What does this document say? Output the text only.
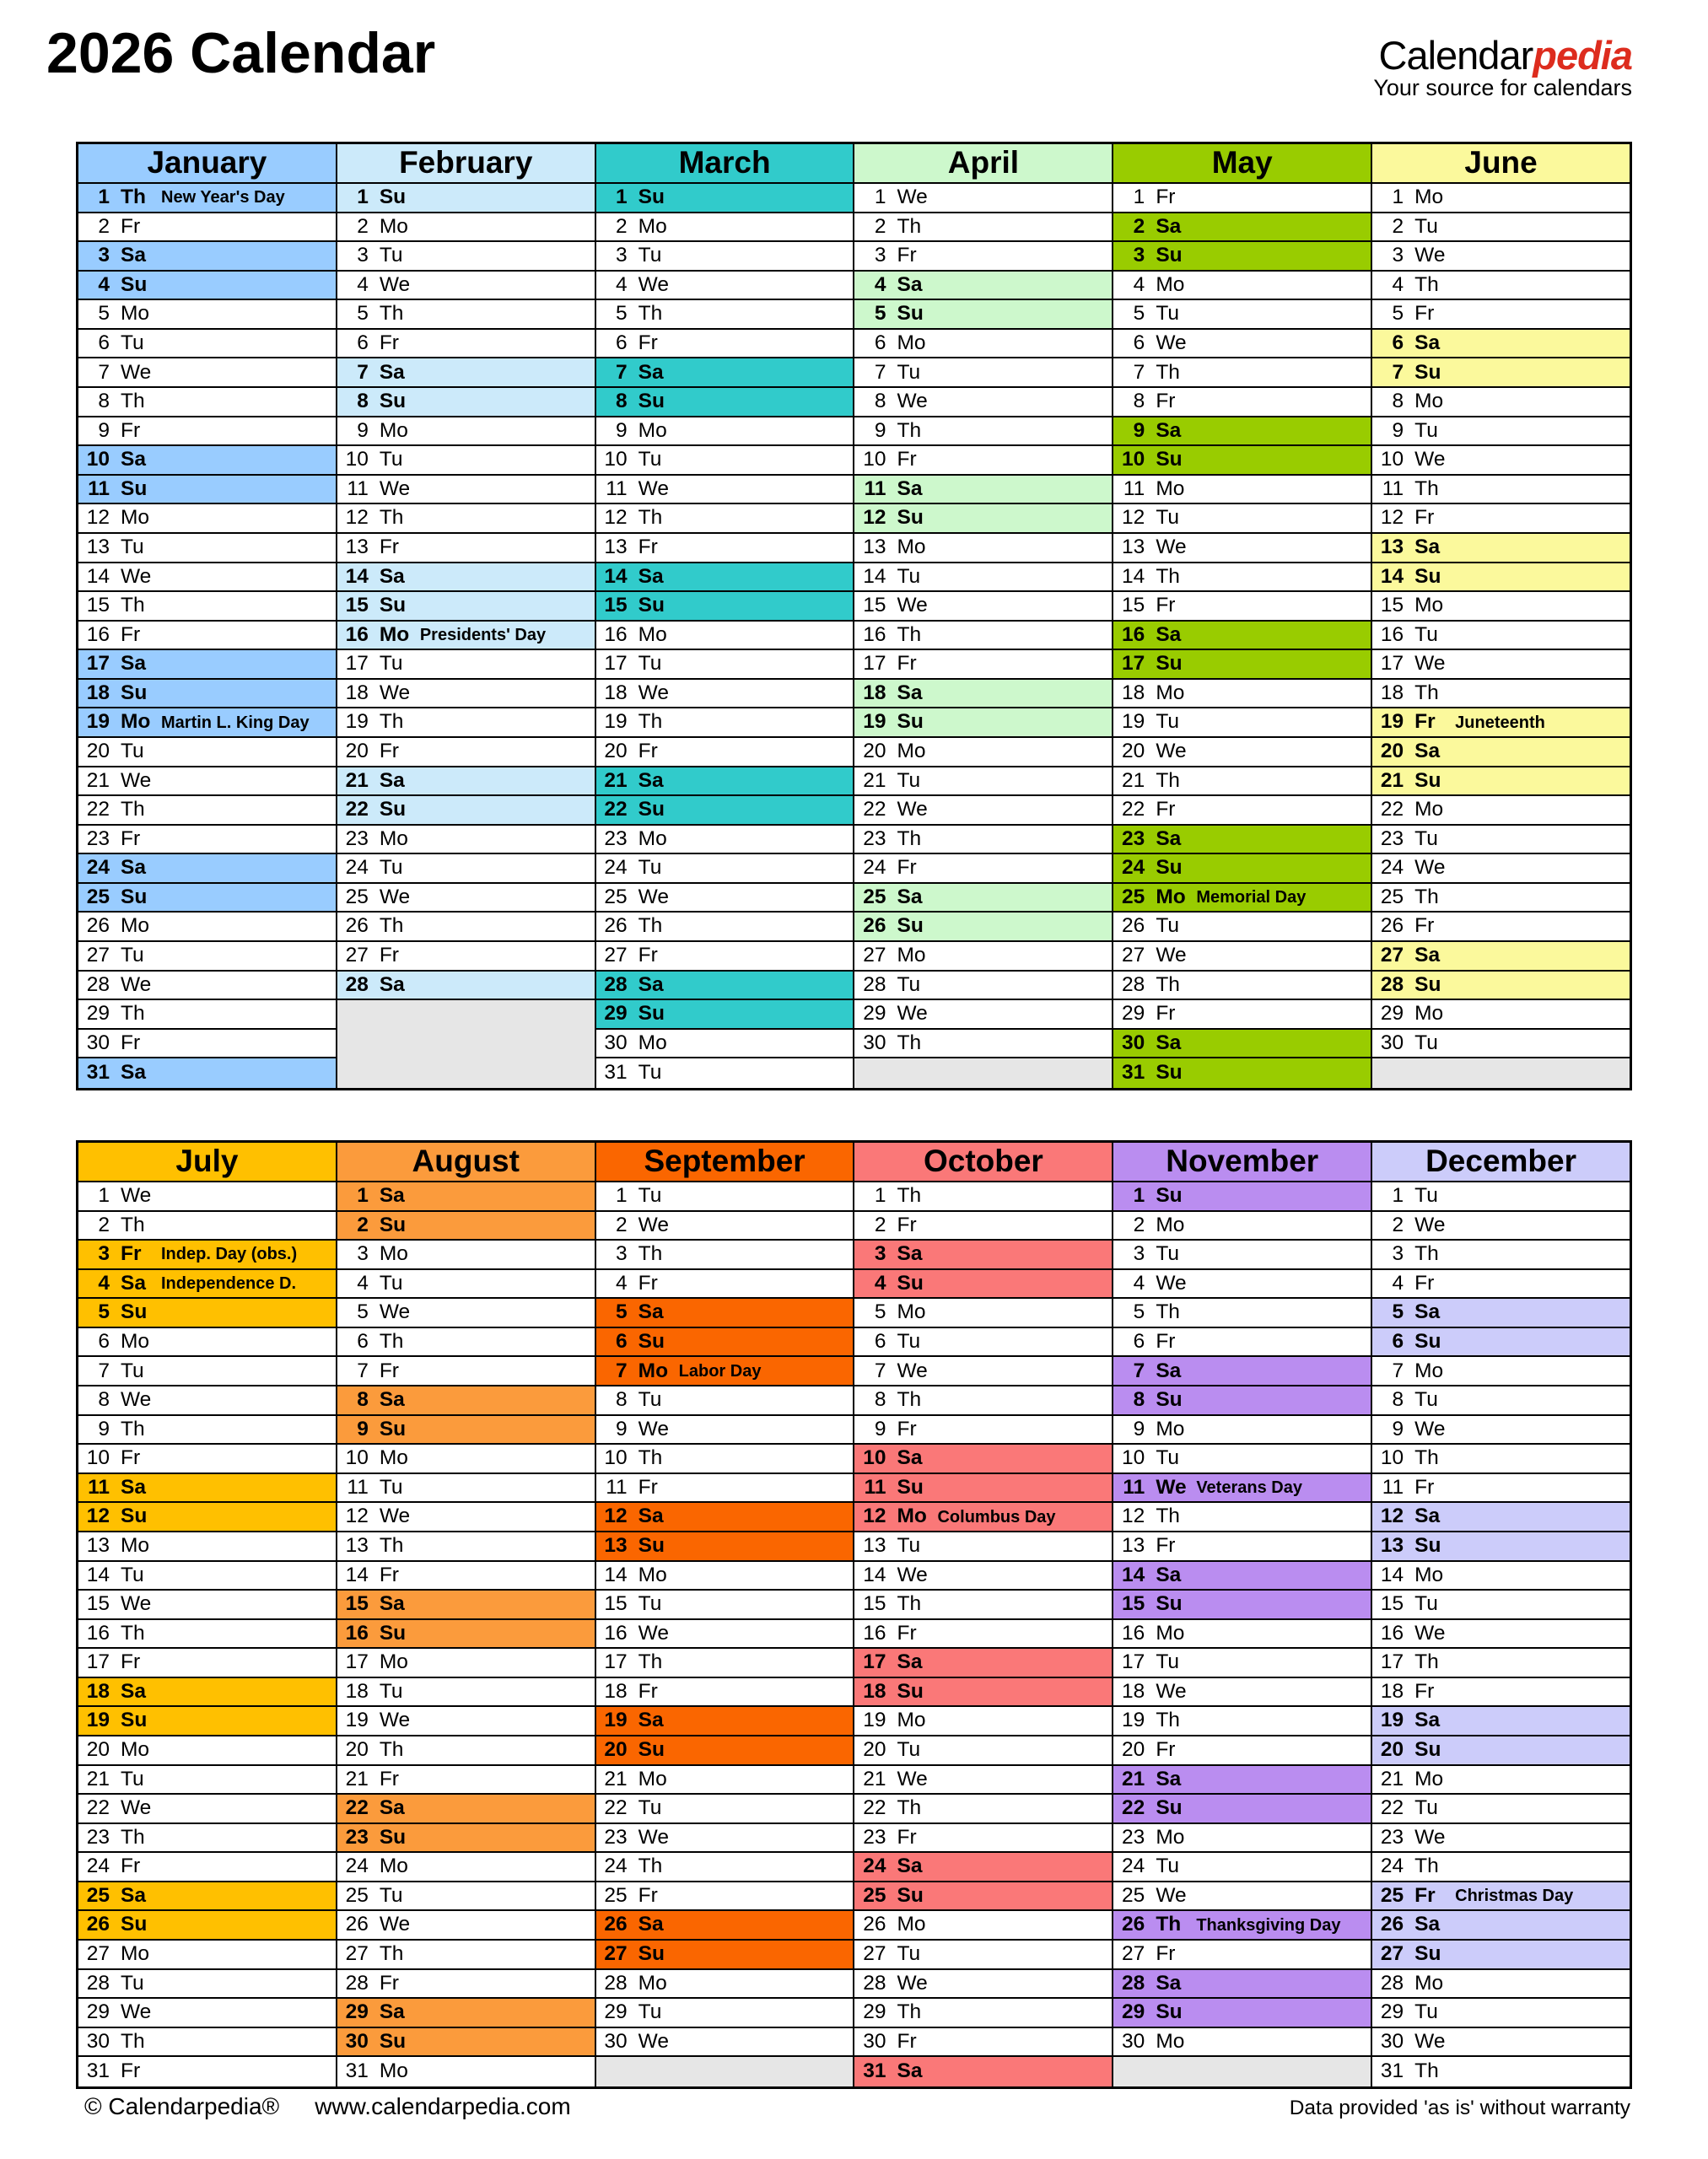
2026 Calendar	Calendarpedia
Your source for calendars
January
1 Th New Year's Day
2 Fr
3 Sa
4 Su
5 Mo
6 Tu
7 We
8 Th
9 Fr
10 Sa
11 Su
12 Mo
13 Tu
14 We
15 Th
16 Fr
17 Sa
18 Su
19 Mo Martin L. King Day
20 Tu
21 We
22 Th
23 Fr
24 Sa
25 Su
26 Mo
27 Tu
28 We
29 Th
30 Fr
31 Sa
February
1 Su
2 Mo
3 Tu
4 We
5 Th
6 Fr
7 Sa
8 Su
9 Mo
10 Tu
11 We
12 Th
13 Fr
14 Sa
15 Su
16 Mo Presidents' Day
17 Tu
18 We
19 Th
20 Fr
21 Sa
22 Su
23 Mo
24 Tu
25 We
26 Th
27 Fr
28 Sa
March
1 Su
2 Mo
3 Tu
4 We
5 Th
6 Fr
7 Sa
8 Su
9 Mo
10 Tu
11 We
12 Th
13 Fr
14 Sa
15 Su
16 Mo
17 Tu
18 We
19 Th
20 Fr
21 Sa
22 Su
23 Mo
24 Tu
25 We
26 Th
27 Fr
28 Sa
29 Su
30 Mo
31 Tu
April
1 We
2 Th
3 Fr
4 Sa
5 Su
6 Mo
7 Tu
8 We
9 Th
10 Fr
11 Sa
12 Su
13 Mo
14 Tu
15 We
16 Th
17 Fr
18 Sa
19 Su
20 Mo
21 Tu
22 We
23 Th
24 Fr
25 Sa
26 Su
27 Mo
28 Tu
29 We
30 Th
May
1 Fr
2 Sa
3 Su
4 Mo
5 Tu
6 We
7 Th
8 Fr
9 Sa
10 Su
11 Mo
12 Tu
13 We
14 Th
15 Fr
16 Sa
17 Su
18 Mo
19 Tu
20 We
21 Th
22 Fr
23 Sa
24 Su
25 Mo Memorial Day
26 Tu
27 We
28 Th
29 Fr
30 Sa
31 Su
June
1 Mo
2 Tu
3 We
4 Th
5 Fr
6 Sa
7 Su
8 Mo
9 Tu
10 We
11 Th
12 Fr
13 Sa
14 Su
15 Mo
16 Tu
17 We
18 Th
19 Fr	Juneteenth
20 Sa
21 Su
22 Mo
23 Tu
24 We
25 Th
26 Fr
27 Sa
28 Su
29 Mo
30 Tu
July
1 We
2 Th
3 Fr	Indep. Day (obs.)
4 Sa Independence D.
5 Su
6 Mo
7 Tu
8 We
9 Th
10 Fr
11 Sa
12 Su
13 Mo
14 Tu
15 We
16 Th
17 Fr
18 Sa
19 Su
20 Mo
21 Tu
22 We
23 Th
24 Fr
25 Sa
26 Su
27 Mo
28 Tu
29 We
30 Th
31 Fr
August
1 Sa
2 Su
3 Mo
4 Tu
5 We
6 Th
7 Fr
8 Sa
9 Su
10 Mo
11 Tu
12 We
13 Th
14 Fr
15 Sa
16 Su
17 Mo
18 Tu
19 We
20 Th
21 Fr
22 Sa
23 Su
24 Mo
25 Tu
26 We
27 Th
28 Fr
29 Sa
30 Su
31 Mo
September
1 Tu
2 We
3 Th
4 Fr
5 Sa
6 Su
7 Mo Labor Day
8 Tu
9 We
10 Th
11 Fr
12 Sa
13 Su
14 Mo
15 Tu
16 We
17 Th
18 Fr
19 Sa
20 Su
21 Mo
22 Tu
23 We
24 Th
25 Fr
26 Sa
27 Su
28 Mo
29 Tu
30 We
October
1 Th
2 Fr
3 Sa
4 Su
5 Mo
6 Tu
7 We
8 Th
9 Fr
10 Sa
11 Su
12 Mo Columbus Day
13 Tu
14 We
15 Th
16 Fr
17 Sa
18 Su
19 Mo
20 Tu
21 We
22 Th
23 Fr
24 Sa
25 Su
26 Mo
27 Tu
28 We
29 Th
30 Fr
31 Sa
November
1 Su
2 Mo
3 Tu
4 We
5 Th
6 Fr
7 Sa
8 Su
9 Mo
10 Tu
11 We Veterans Day
12 Th
13 Fr
14 Sa
15 Su
16 Mo
17 Tu
18 We
19 Th
20 Fr
21 Sa
22 Su
23 Mo
24 Tu
25 We
26 Th Thanksgiving Day
27 Fr
28 Sa
29 Su
30 Mo
December
1 Tu
2 We
3 Th
4 Fr
5 Sa
6 Su
7 Mo
8 Tu
9 We
10 Th
11 Fr
12 Sa
13 Su
14 Mo
15 Tu
16 We
17 Th
18 Fr
19 Sa
20 Su
21 Mo
22 Tu
23 We
24 Th
25 Fr	Christmas Day
26 Sa
27 Su
28 Mo
29 Tu
30 We
31 Th
© Calendarpedia® www.calendarpedia.com	Data provided 'as is' without warranty
